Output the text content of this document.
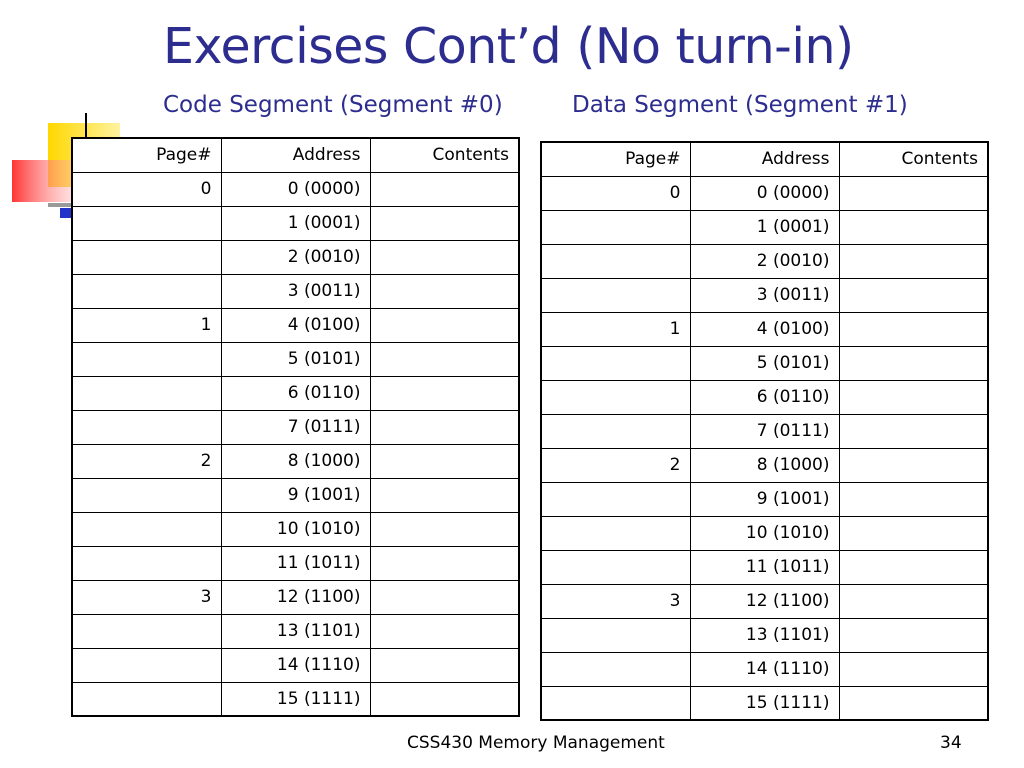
Exercises Cont’d (No turn-in)
Code Segment (Segment #0)	Data Segment (Segment #1)
Page#	Address	Contents
0	0 (0000)	
	1 (0001)	
	2 (0010)	
	3 (0011)	
1	4 (0100)	
	5 (0101)	
	6 (0110)	
	7 (0111)	
2	8 (1000)	
	9 (1001)	
	10 (1010)	
	11 (1011)	
3	12 (1100)	
	13 (1101)	
	14 (1110)	
	15 (1111)	
Page#	Address	Contents
0	0 (0000)	
	1 (0001)	
	2 (0010)	
	3 (0011)	
1	4 (0100)	
	5 (0101)	
	6 (0110)	
	7 (0111)	
2	8 (1000)	
	9 (1001)	
	10 (1010)	
	11 (1011)	
3	12 (1100)	
	13 (1101)	
	14 (1110)	
	15 (1111)	
CSS430 Memory Management	34
